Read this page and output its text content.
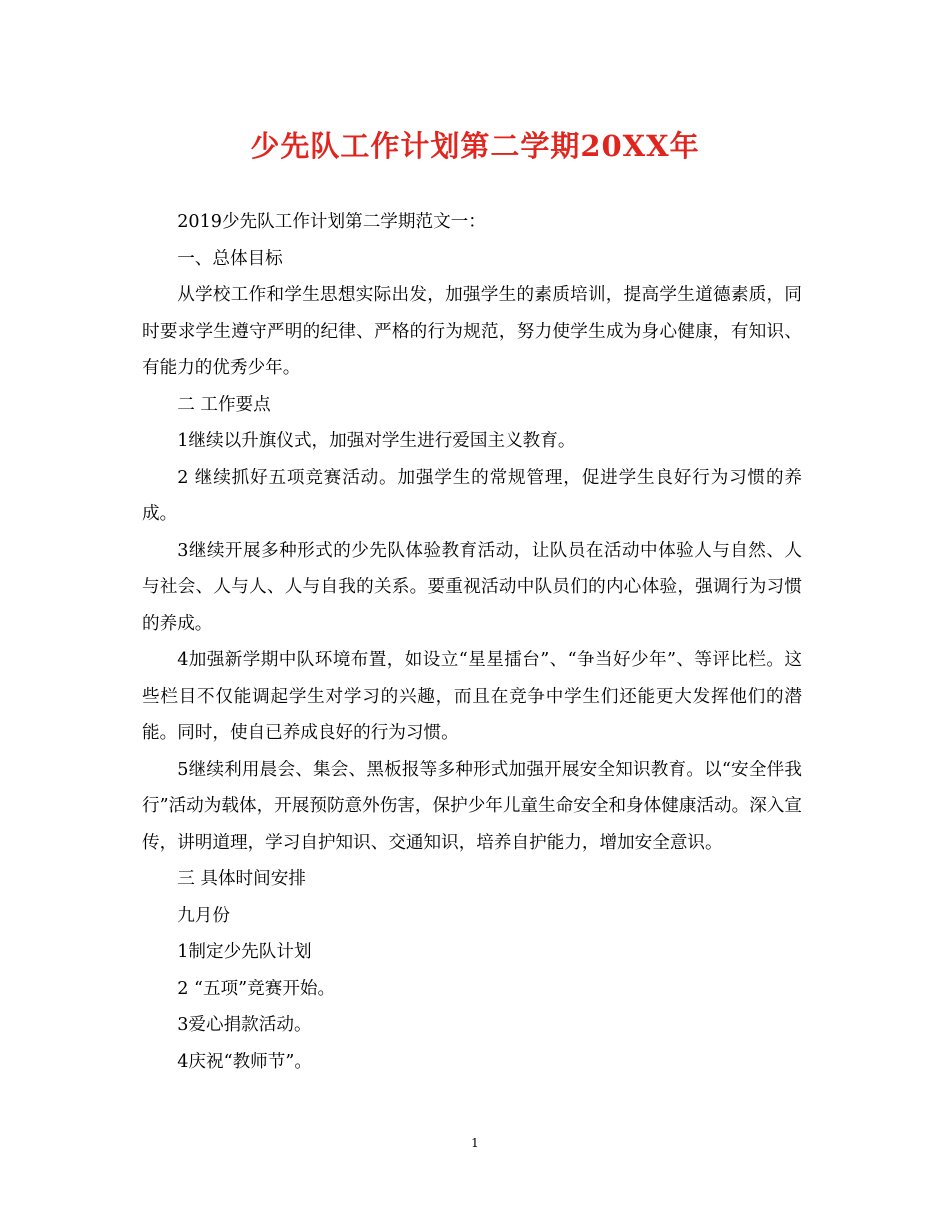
少先队工作计划第二学期20XX年

2019少先队工作计划第二学期范文一：

一、总体目标

从学校工作和学生思想实际出发，加强学生的素质培训，提高学生道德素质，同时要求学生遵守严明的纪律、严格的行为规范，努力使学生成为身心健康，有知识、有能力的优秀少年。

二 工作要点

1继续以升旗仪式，加强对学生进行爱国主义教育。

2 继续抓好五项竞赛活动。加强学生的常规管理，促进学生良好行为习惯的养成。

3继续开展多种形式的少先队体验教育活动，让队员在活动中体验人与自然、人与社会、人与人、人与自我的关系。要重视活动中队员们的内心体验，强调行为习惯的养成。

4加强新学期中队环境布置，如设立“星星擂台”、“争当好少年”、等评比栏。这些栏目不仅能调起学生对学习的兴趣，而且在竞争中学生们还能更大发挥他们的潜能。同时，使自已养成良好的行为习惯。

5继续利用晨会、集会、黑板报等多种形式加强开展安全知识教育。以“安全伴我行”活动为载体，开展预防意外伤害，保护少年儿童生命安全和身体健康活动。深入宣传，讲明道理，学习自护知识、交通知识，培养自护能力，增加安全意识。

三 具体时间安排

九月份

1制定少先队计划

2 “五项”竞赛开始。

3爱心捐款活动。

4庆祝“教师节”。

1
